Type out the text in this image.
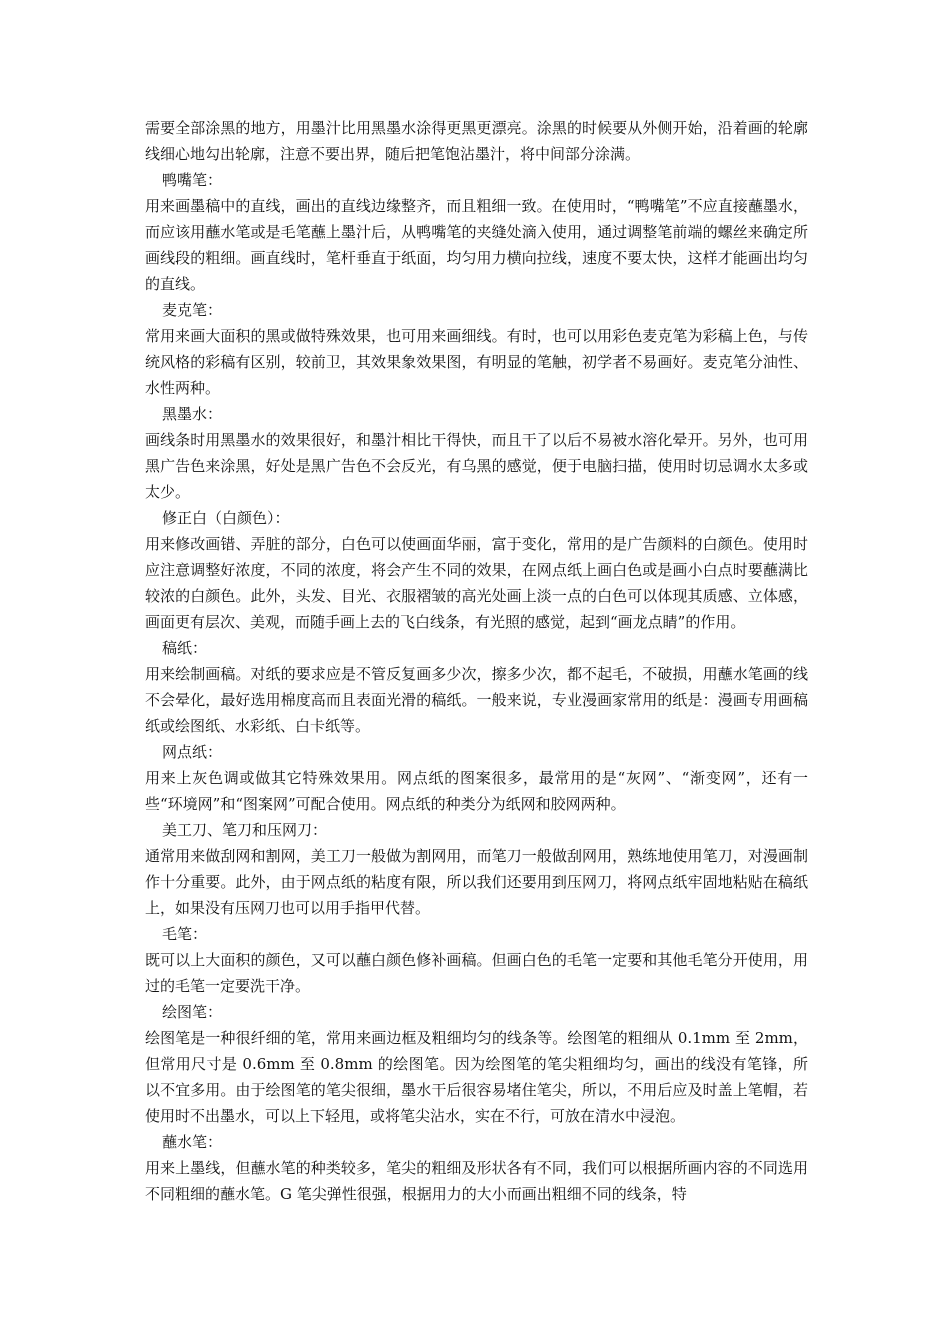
需要全部涂黑的地方，用墨汁比用黑墨水涂得更黑更漂亮。涂黑的时候要从外侧开始，沿着画的轮廓线细心地勾出轮廓，注意不要出界，随后把笔饱沾墨汁，将中间部分涂满。

鸭嘴笔：

用来画墨稿中的直线，画出的直线边缘整齐，而且粗细一致。在使用时，“鸭嘴笔”不应直接蘸墨水，而应该用蘸水笔或是毛笔蘸上墨汁后，从鸭嘴笔的夹缝处滴入使用，通过调整笔前端的螺丝来确定所画线段的粗细。画直线时，笔杆垂直于纸面，均匀用力横向拉线，速度不要太快，这样才能画出均匀的直线。

麦克笔：

常用来画大面积的黑或做特殊效果，也可用来画细线。有时，也可以用彩色麦克笔为彩稿上色，与传统风格的彩稿有区别，较前卫，其效果象效果图，有明显的笔触，初学者不易画好。麦克笔分油性、水性两种。

黑墨水：

画线条时用黑墨水的效果很好，和墨汁相比干得快，而且干了以后不易被水溶化晕开。另外，也可用黑广告色来涂黑，好处是黑广告色不会反光，有乌黑的感觉，便于电脑扫描，使用时切忌调水太多或太少。

修正白（白颜色）：

用来修改画错、弄脏的部分，白色可以使画面华丽，富于变化，常用的是广告颜料的白颜色。使用时应注意调整好浓度，不同的浓度，将会产生不同的效果，在网点纸上画白色或是画小白点时要蘸满比较浓的白颜色。此外，头发、目光、衣服褶皱的高光处画上淡一点的白色可以体现其质感、立体感，画面更有层次、美观，而随手画上去的飞白线条，有光照的感觉，起到“画龙点睛”的作用。

稿纸：

用来绘制画稿。对纸的要求应是不管反复画多少次，擦多少次，都不起毛，不破损，用蘸水笔画的线不会晕化，最好选用棉度高而且表面光滑的稿纸。一般来说，专业漫画家常用的纸是：漫画专用画稿纸或绘图纸、水彩纸、白卡纸等。

网点纸：

用来上灰色调或做其它特殊效果用。网点纸的图案很多，最常用的是“灰网”、“渐变网”，还有一些“环境网”和“图案网”可配合使用。网点纸的种类分为纸网和胶网两种。

美工刀、笔刀和压网刀：

通常用来做刮网和割网，美工刀一般做为割网用，而笔刀一般做刮网用，熟练地使用笔刀，对漫画制作十分重要。此外，由于网点纸的粘度有限，所以我们还要用到压网刀，将网点纸牢固地粘贴在稿纸上，如果没有压网刀也可以用手指甲代替。

毛笔：

既可以上大面积的颜色，又可以蘸白颜色修补画稿。但画白色的毛笔一定要和其他毛笔分开使用，用过的毛笔一定要洗干净。

绘图笔：

绘图笔是一种很纤细的笔，常用来画边框及粗细均匀的线条等。绘图笔的粗细从 0.1mm 至 2mm，但常用尺寸是 0.6mm 至 0.8mm 的绘图笔。因为绘图笔的笔尖粗细均匀，画出的线没有笔锋，所以不宜多用。由于绘图笔的笔尖很细，墨水干后很容易堵住笔尖，所以，不用后应及时盖上笔帽，若使用时不出墨水，可以上下轻甩，或将笔尖沾水，实在不行，可放在清水中浸泡。

蘸水笔：

用来上墨线，但蘸水笔的种类较多，笔尖的粗细及形状各有不同，我们可以根据所画内容的不同选用不同粗细的蘸水笔。G 笔尖弹性很强，根据用力的大小而画出粗细不同的线条，特
